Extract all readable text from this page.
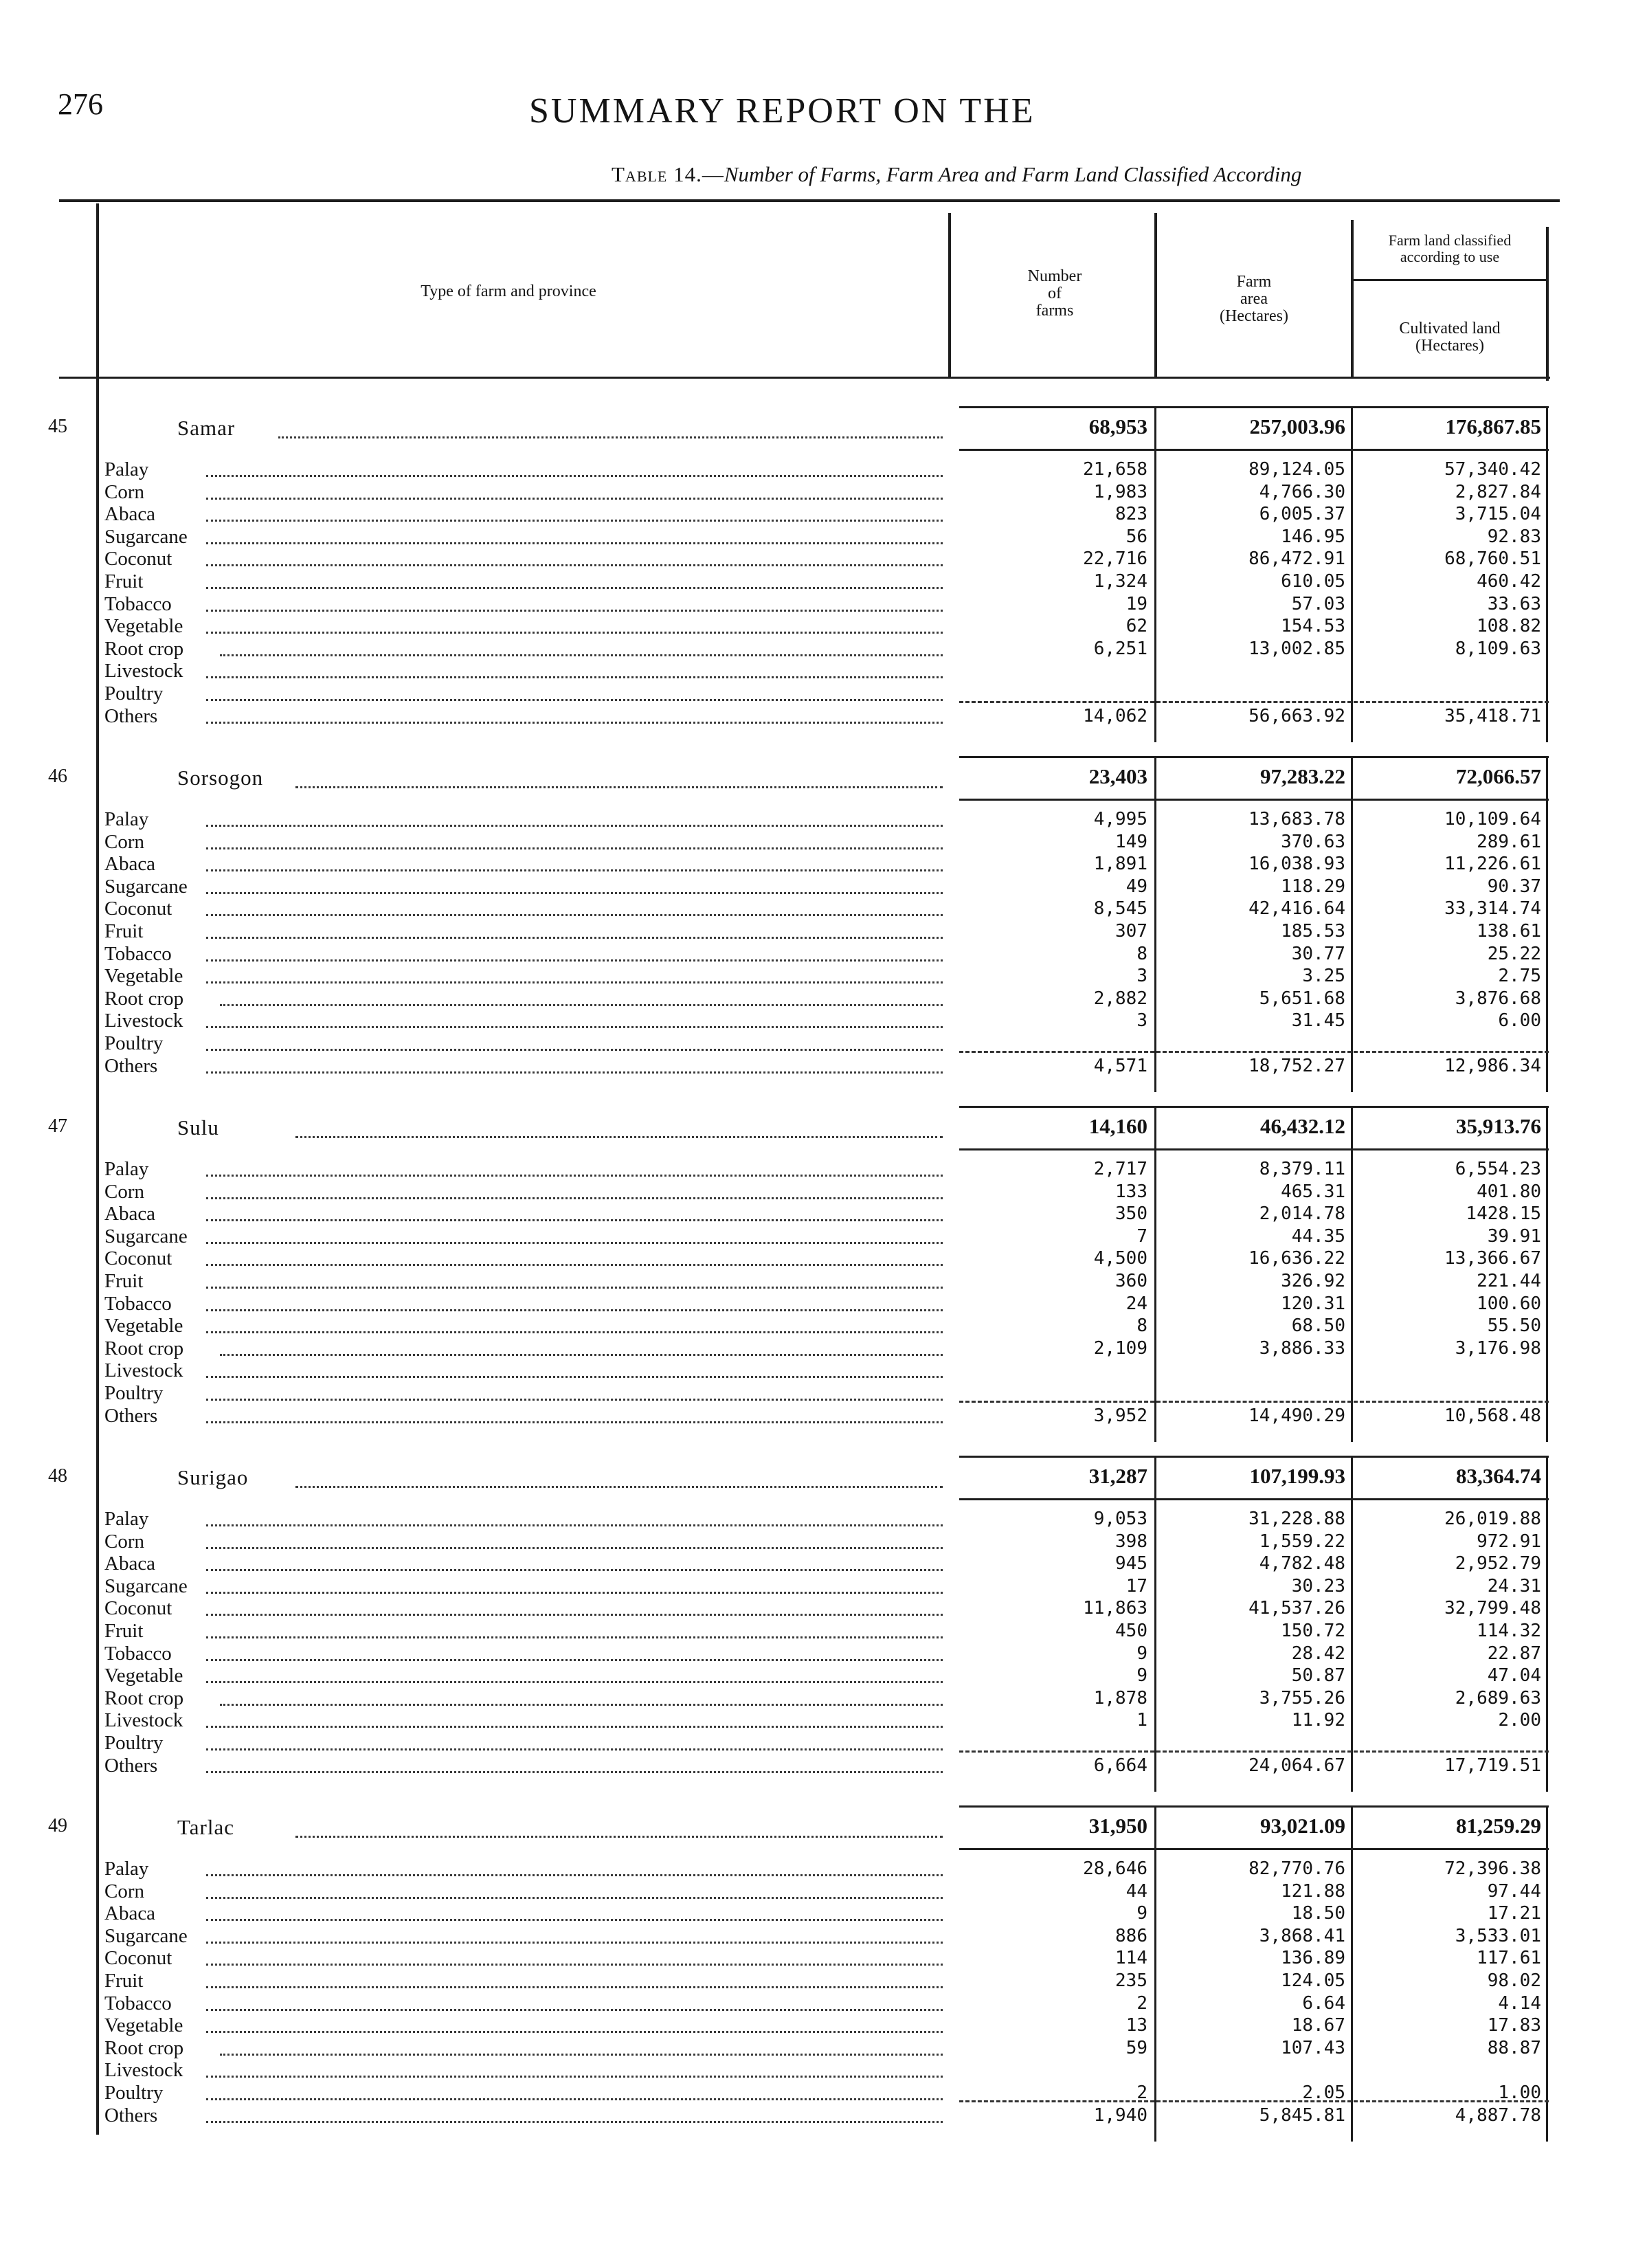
276	SUMMARY REPORT ON THE
Table 14.—Number of Farms, Farm Area and Farm Land Classified According
Type of farm and province
Number
of
farms
Farm
area
(Hectares)
Farm land classified
according to use
Cultivated land
(Hectares)
45	Samar	68,953	257,003.96	176,867.85
Palay	21,658	89,124.05	57,340.42
Corn	1,983	4,766.30	2,827.84
Abaca	823	6,005.37	3,715.04
Sugarcane	56	146.95	92.83
Coconut	22,716	86,472.91	68,760.51
Fruit	1,324	610.05	460.42
Tobacco	19	57.03	33.63
Vegetable	62	154.53	108.82
Root crop	6,251	13,002.85	8,109.63
Livestock
Poultry
Others	14,062	56,663.92	35,418.71
46	Sorsogon	23,403	97,283.22	72,066.57
Palay	4,995	13,683.78	10,109.64
Corn	149	370.63	289.61
Abaca	1,891	16,038.93	11,226.61
Sugarcane	49	118.29	90.37
Coconut	8,545	42,416.64	33,314.74
Fruit	307	185.53	138.61
Tobacco	8	30.77	25.22
Vegetable	3	3.25	2.75
Root crop	2,882	5,651.68	3,876.68
Livestock	3	31.45	6.00
Poultry
Others	4,571	18,752.27	12,986.34
47	Sulu	14,160	46,432.12	35,913.76
Palay	2,717	8,379.11	6,554.23
Corn	133	465.31	401.80
Abaca	350	2,014.78	1428.15
Sugarcane	7	44.35	39.91
Coconut	4,500	16,636.22	13,366.67
Fruit	360	326.92	221.44
Tobacco	24	120.31	100.60
Vegetable	8	68.50	55.50
Root crop	2,109	3,886.33	3,176.98
Livestock
Poultry
Others	3,952	14,490.29	10,568.48
48	Surigao	31,287	107,199.93	83,364.74
Palay	9,053	31,228.88	26,019.88
Corn	398	1,559.22	972.91
Abaca	945	4,782.48	2,952.79
Sugarcane	17	30.23	24.31
Coconut	11,863	41,537.26	32,799.48
Fruit	450	150.72	114.32
Tobacco	9	28.42	22.87
Vegetable	9	50.87	47.04
Root crop	1,878	3,755.26	2,689.63
Livestock	1	11.92	2.00
Poultry
Others	6,664	24,064.67	17,719.51
49	Tarlac	31,950	93,021.09	81,259.29
Palay	28,646	82,770.76	72,396.38
Corn	44	121.88	97.44
Abaca	9	18.50	17.21
Sugarcane	886	3,868.41	3,533.01
Coconut	114	136.89	117.61
Fruit	235	124.05	98.02
Tobacco	2	6.64	4.14
Vegetable	13	18.67	17.83
Root crop	59	107.43	88.87
Livestock
Poultry	2	2.05	1.00
Others	1,940	5,845.81	4,887.78
